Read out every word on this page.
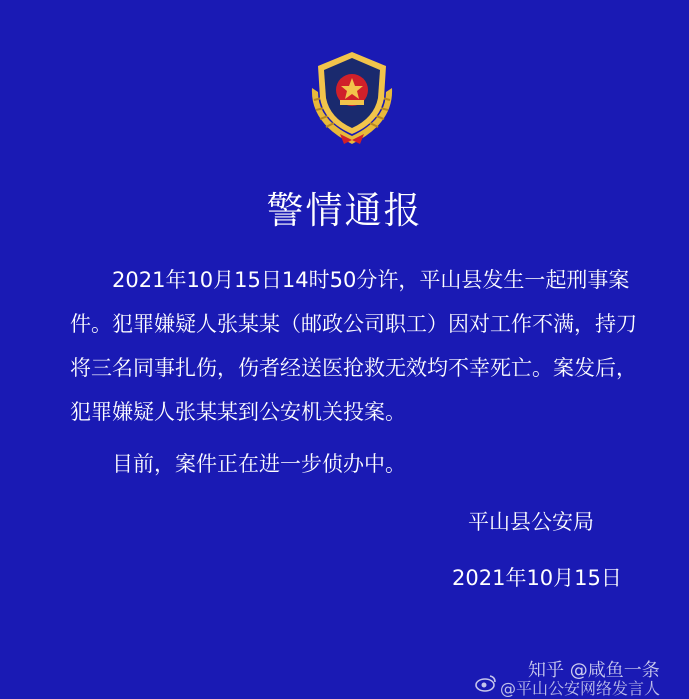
警情通报

2021年10月15日14时50分许，平山县发生一起刑事案件。犯罪嫌疑人张某某（邮政公司职工）因对工作不满，持刀将三名同事扎伤，伤者经送医抢救无效均不幸死亡。案发后，犯罪嫌疑人张某某到公安机关投案。

目前，案件正在进一步侦办中。

平山县公安局
2021年10月15日
知乎 @咸鱼一条
@平山公安网络发言人
